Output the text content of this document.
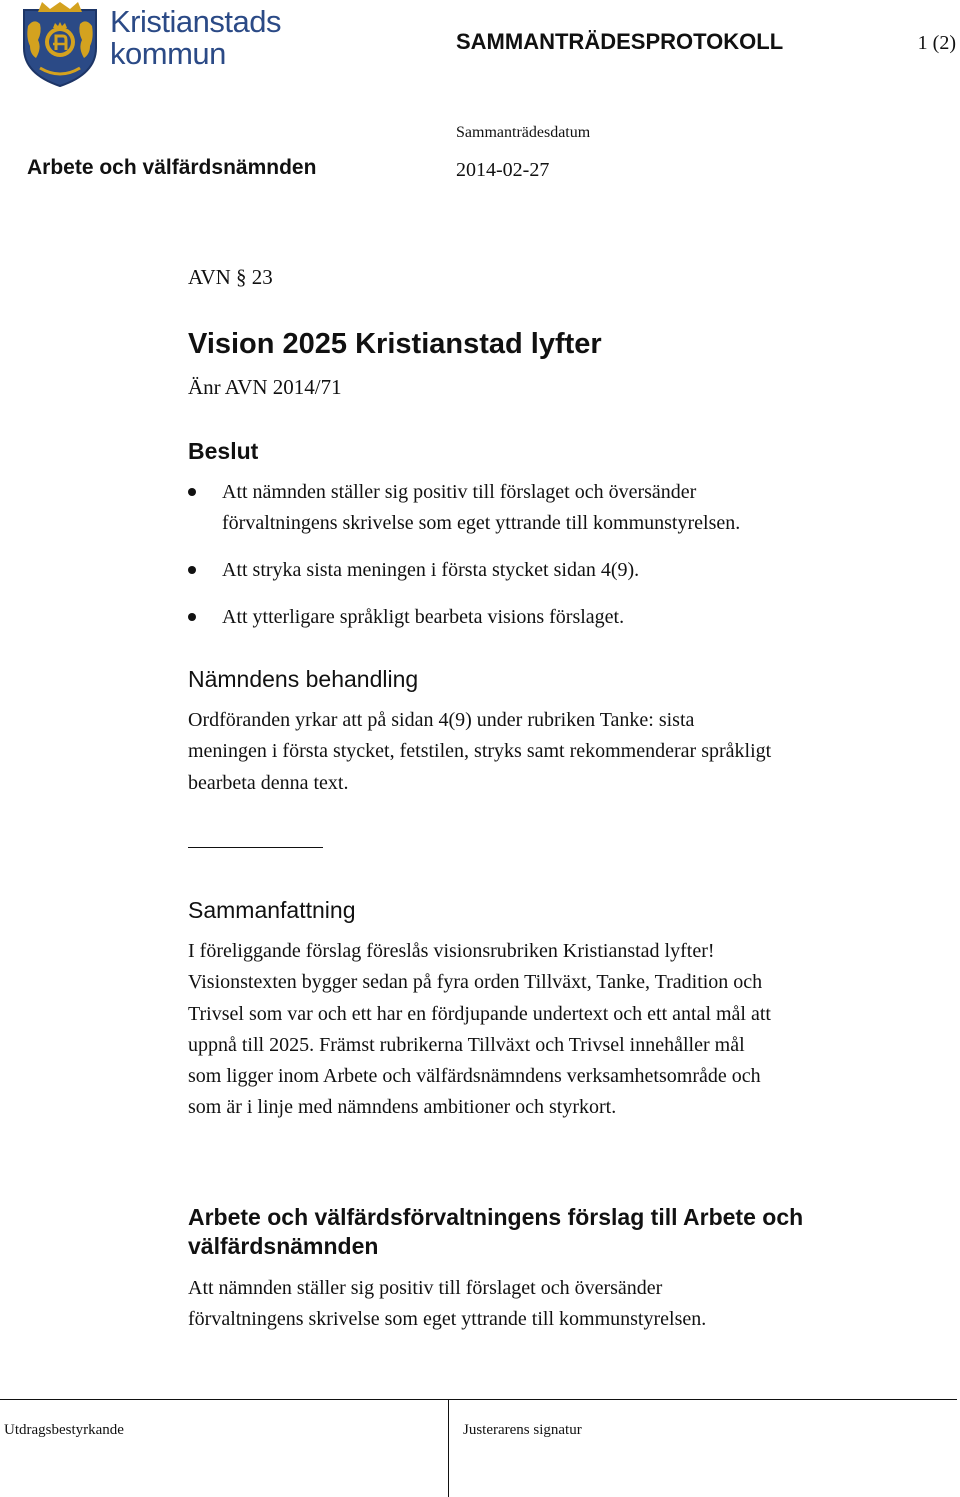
Kristianstads
kommun	SAMMANTRÄDESPROTOKOLL	1 (2)
Sammanträdesdatum
Arbete och välfärdsnämnden	2014-02-27
AVN § 23
Vision 2025 Kristianstad lyfter
Änr AVN 2014/71
Beslut
Att nämnden ställer sig positiv till förslaget och översänder
förvaltningens skrivelse som eget yttrande till kommunstyrelsen.
Att stryka sista meningen i första stycket sidan 4(9).
Att ytterligare språkligt bearbeta visions förslaget.
Nämndens behandling
Ordföranden yrkar att på sidan 4(9) under rubriken Tanke: sista
meningen i första stycket, fetstilen, stryks samt rekommenderar språkligt
bearbeta denna text.
Sammanfattning
I föreliggande förslag föreslås visionsrubriken Kristianstad lyfter!
Visionstexten bygger sedan på fyra orden Tillväxt, Tanke, Tradition och
Trivsel som var och ett har en fördjupande undertext och ett antal mål att
uppnå till 2025. Främst rubrikerna Tillväxt och Trivsel innehåller mål
som ligger inom Arbete och välfärdsnämndens verksamhetsområde och
som är i linje med nämndens ambitioner och styrkort.
Arbete och välfärdsförvaltningens förslag till Arbete och
välfärdsnämnden
Att nämnden ställer sig positiv till förslaget och översänder
förvaltningens skrivelse som eget yttrande till kommunstyrelsen.
Utdragsbestyrkande	Justerarens signatur
